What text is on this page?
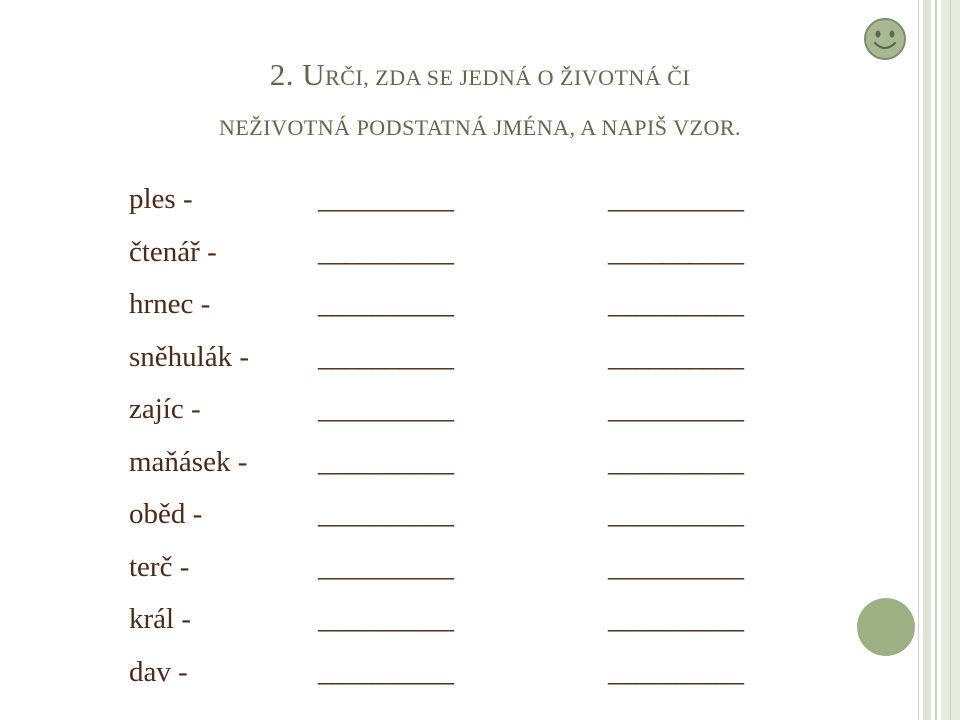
2. URČI, ZDA SE JEDNÁ O ŽIVOTNÁ ČI
NEŽIVOTNÁ PODSTATNÁ JMÉNA, A NAPIŠ VZOR.
ples -	__________	__________
čtenář -	__________	__________
hrnec -	__________	__________
sněhulák - __________	__________
zajíc -	__________	__________
maňásek - __________	__________
oběd -	__________	__________
terč -	__________	__________
král -	__________	__________
dav -	__________	__________
